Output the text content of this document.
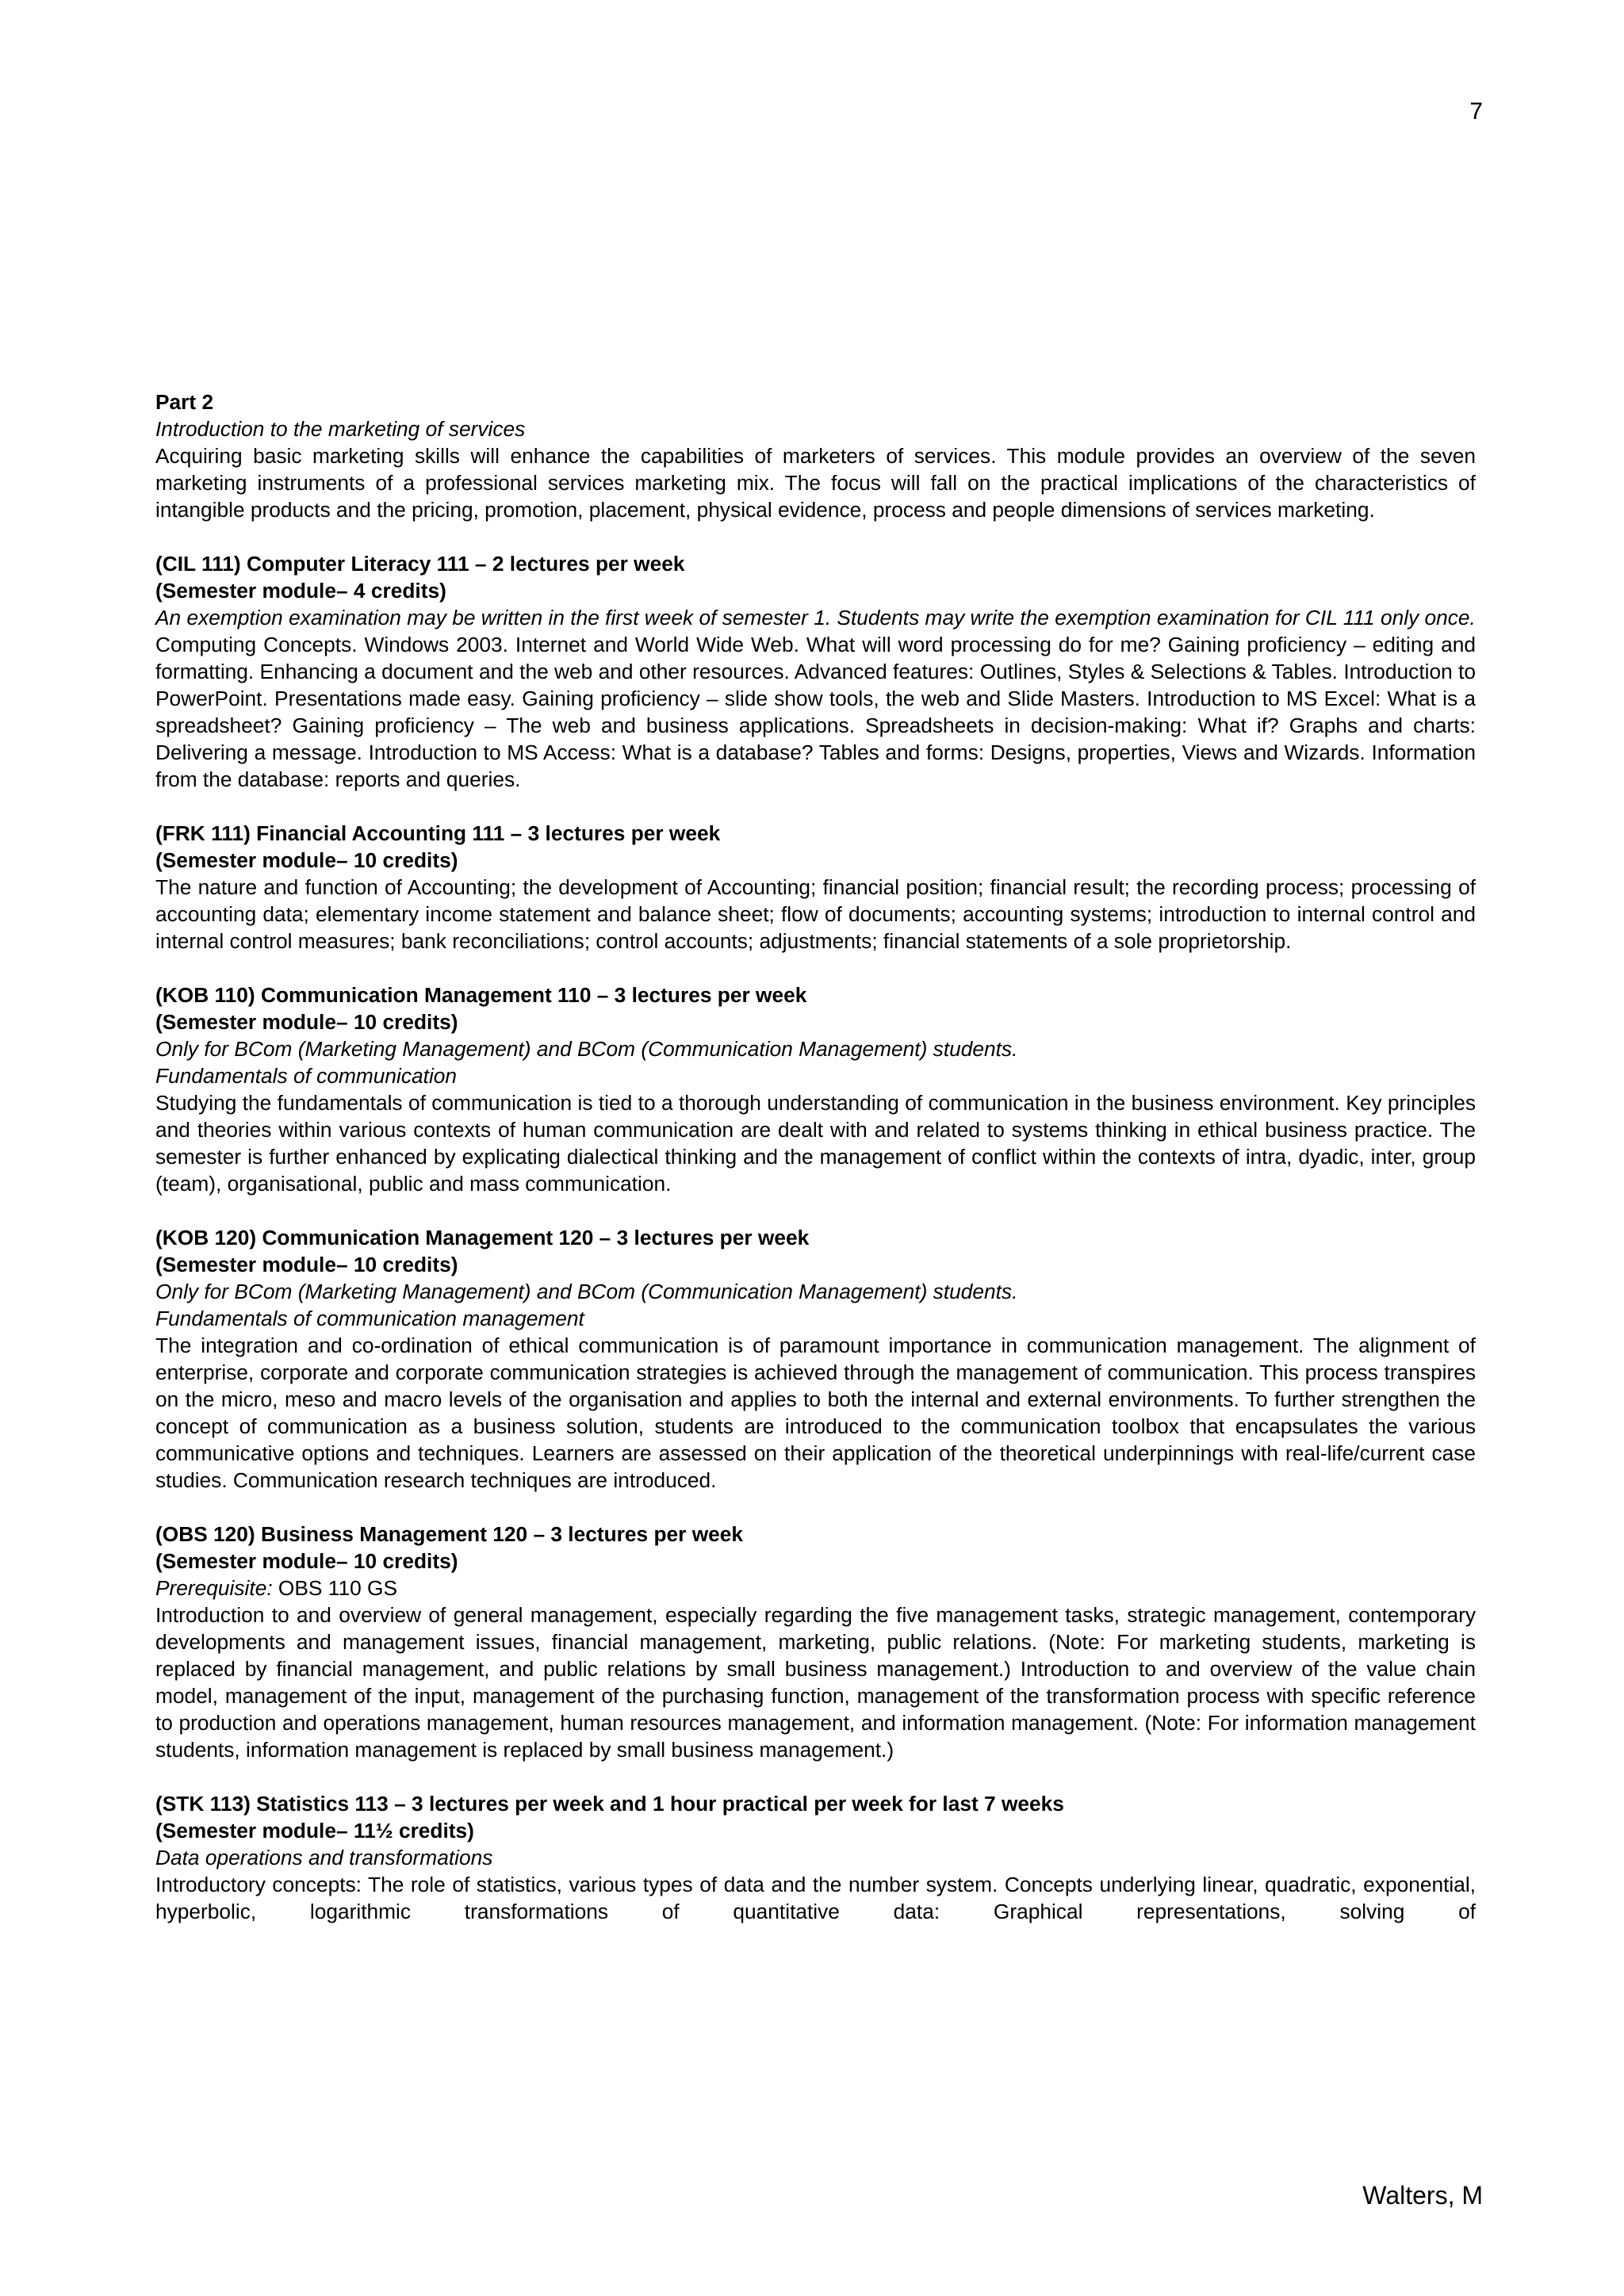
7

Part 2

Introduction to the marketing of services

Acquiring basic marketing skills will enhance the capabilities of marketers of services. This module provides an overview of the seven marketing instruments of a professional services marketing mix. The focus will fall on the practical implications of the characteristics of intangible products and the pricing, promotion, placement, physical evidence, process and people dimensions of services marketing.

(CIL 111) Computer Literacy 111 – 2 lectures per week

(Semester module– 4 credits)

An exemption examination may be written in the first week of semester 1. Students may write the exemption examination for CIL 111 only once.

Computing Concepts. Windows 2003. Internet and World Wide Web. What will word processing do for me? Gaining proficiency – editing and formatting. Enhancing a document and the web and other resources. Advanced features: Outlines, Styles & Selections & Tables. Introduction to PowerPoint. Presentations made easy. Gaining proficiency – slide show tools, the web and Slide Masters. Introduction to MS Excel: What is a spreadsheet? Gaining proficiency – The web and business applications. Spreadsheets in decision-making: What if? Graphs and charts: Delivering a message. Introduction to MS Access: What is a database? Tables and forms: Designs, properties, Views and Wizards. Information from the database: reports and queries.

(FRK 111) Financial Accounting 111 – 3 lectures per week

(Semester module– 10 credits)

The nature and function of Accounting; the development of Accounting; financial position; financial result; the recording process; processing of accounting data; elementary income statement and balance sheet; flow of documents; accounting systems; introduction to internal control and internal control measures; bank reconciliations; control accounts; adjustments; financial statements of a sole proprietorship.

(KOB 110) Communication Management 110 – 3 lectures per week

(Semester module– 10 credits)

Only for BCom (Marketing Management) and BCom (Communication Management) students.

Fundamentals of communication

Studying the fundamentals of communication is tied to a thorough understanding of communication in the business environment. Key principles and theories within various contexts of human communication are dealt with and related to systems thinking in ethical business practice. The semester is further enhanced by explicating dialectical thinking and the management of conflict within the contexts of intra, dyadic, inter, group (team), organisational, public and mass communication.

(KOB 120) Communication Management 120 – 3 lectures per week

(Semester module– 10 credits)

Only for BCom (Marketing Management) and BCom (Communication Management) students.

Fundamentals of communication management

The integration and co-ordination of ethical communication is of paramount importance in communication management. The alignment of enterprise, corporate and corporate communication strategies is achieved through the management of communication. This process transpires on the micro, meso and macro levels of the organisation and applies to both the internal and external environments. To further strengthen the concept of communication as a business solution, students are introduced to the communication toolbox that encapsulates the various communicative options and techniques. Learners are assessed on their application of the theoretical underpinnings with real-life/current case studies. Communication research techniques are introduced.

(OBS 120) Business Management 120 – 3 lectures per week

(Semester module– 10 credits)

Prerequisite: OBS 110 GS

Introduction to and overview of general management, especially regarding the five management tasks, strategic management, contemporary developments and management issues, financial management, marketing, public relations. (Note: For marketing students, marketing is replaced by financial management, and public relations by small business management.) Introduction to and overview of the value chain model, management of the input, management of the purchasing function, management of the transformation process with specific reference to production and operations management, human resources management, and information management. (Note: For information management students, information management is replaced by small business management.)

(STK 113) Statistics 113 – 3 lectures per week and 1 hour practical per week for last 7 weeks

(Semester module– 11½ credits)

Data operations and transformations

Introductory concepts: The role of statistics, various types of data and the number system. Concepts underlying linear, quadratic, exponential, hyperbolic, logarithmic transformations of quantitative data: Graphical representations, solving of

Walters, M
